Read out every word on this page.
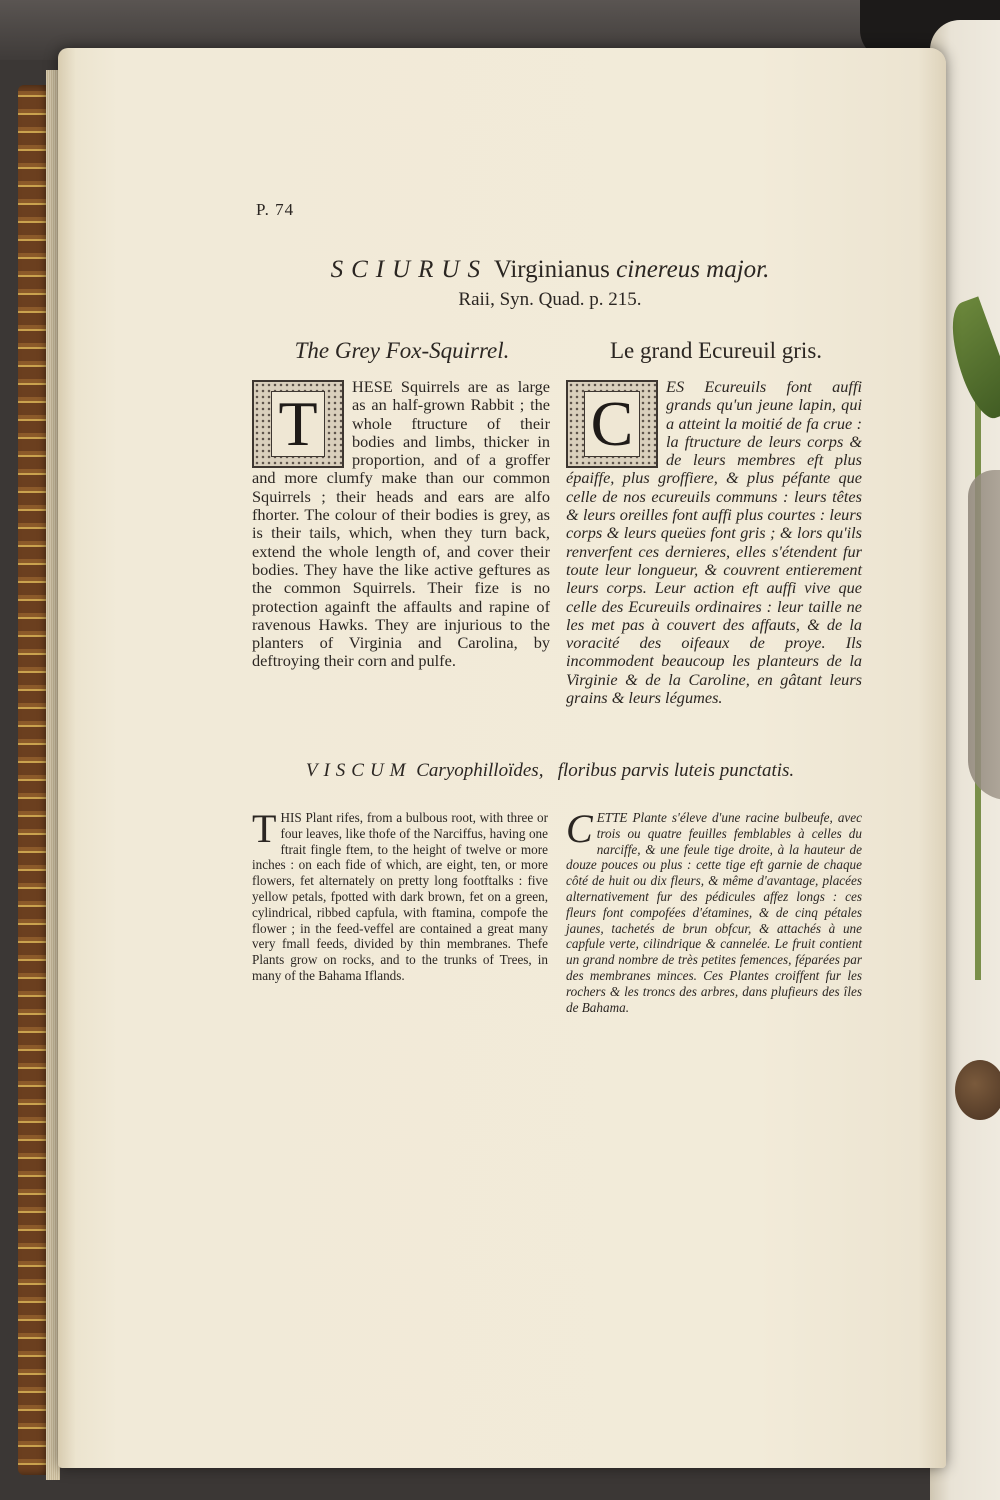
P. 74
SCIURUS Virginianus cinereus major.
Raii, Syn. Quad. p. 215.
The Grey Fox-Squirrel.	Le grand Ecureuil gris.
T
HESE Squirrels are as large as an half-grown Rabbit ; the whole ftructure of their bodies and limbs, thicker in proportion, and of a groffer and more clumfy make than our common Squirrels ; their heads and ears are alfo fhorter. The colour of their bodies is grey, as is their tails, which, when they turn back, extend the whole length of, and cover their bodies. They have the like active geftures as the common Squirrels. Their fize is no protection againft the affaults and rapine of ravenous Hawks. They are injurious to the planters of Virginia and Carolina, by deftroying their corn and pulfe.
C
ES Ecureuils font auffi grands qu'un jeune lapin, qui a atteint la moitié de fa crue : la ftructure de leurs corps & de leurs membres eft plus épaiffe, plus groffiere, & plus péfante que celle de nos ecureuils communs : leurs têtes & leurs oreilles font auffi plus courtes : leurs corps & leurs queües font gris ; & lors qu'ils renverfent ces dernieres, elles s'étendent fur toute leur longueur, & couvrent entierement leurs corps. Leur action eft auffi vive que celle des Ecureuils ordinaires : leur taille ne les met pas à couvert des affauts, & de la voracité des oifeaux de proye. Ils incommodent beaucoup les planteurs de la Virginie & de la Caroline, en gâtant leurs grains & leurs légumes.
VISCUM Caryophilloïdes, floribus parvis luteis punctatis.
T HIS Plant rifes, from a bulbous root, with three or four leaves, like thofe of the Narciffus, having one ftrait fingle ftem, to the height of twelve or more inches : on each fide of which, are eight, ten, or more flowers, fet alternately on pretty long footftalks : five yellow petals, fpotted with dark brown, fet on a green, cylindrical, ribbed capfula, with ftamina, compofe the flower ; in the feed-veffel are contained a great many very fmall feeds, divided by thin membranes. Thefe Plants grow on rocks, and to the trunks of Trees, in many of the Bahama Iflands.
C ETTE Plante s'éleve d'une racine bulbeufe, avec trois ou quatre feuilles femblables à celles du narciffe, & une feule tige droite, à la hauteur de douze pouces ou plus : cette tige eft garnie de chaque côté de huit ou dix fleurs, & même d'avantage, placées alternativement fur des pédicules affez longs : ces fleurs font compofées d'étamines, & de cinq pétales jaunes, tachetés de brun obfcur, & attachés à une capfule verte, cilindrique & cannelée. Le fruit contient un grand nombre de très petites femences, féparées par des membranes minces. Ces Plantes croiffent fur les rochers & les troncs des arbres, dans plufieurs des îles de Bahama.
